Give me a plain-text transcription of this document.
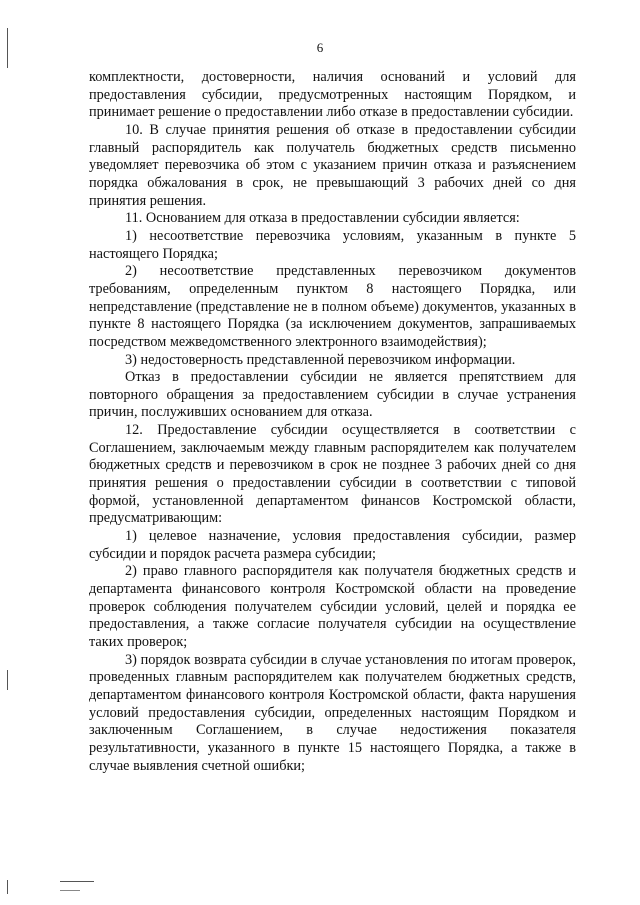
6

комплектности, достоверности, наличия оснований и условий для предоставления субсидии, предусмотренных настоящим Порядком, и принимает решение о предоставлении либо отказе в предоставлении субсидии.

10. В случае принятия решения об отказе в предоставлении субсидии главный распорядитель как получатель бюджетных средств письменно уведомляет перевозчика об этом с указанием причин отказа и разъяснением порядка обжалования в срок, не превышающий 3 рабочих дней со дня принятия решения.

11. Основанием для отказа в предоставлении субсидии является:

1) несоответствие перевозчика условиям, указанным в пункте 5 настоящего Порядка;

2) несоответствие представленных перевозчиком документов требованиям, определенным пунктом 8 настоящего Порядка, или непредставление (представление не в полном объеме) документов, указанных в пункте 8 настоящего Порядка (за исключением документов, запрашиваемых посредством межведомственного электронного взаимодействия);

3) недостоверность представленной перевозчиком информации.

Отказ в предоставлении субсидии не является препятствием для повторного обращения за предоставлением субсидии в случае устранения причин, послуживших основанием для отказа.

12. Предоставление субсидии осуществляется в соответствии с Соглашением, заключаемым между главным распорядителем как получателем бюджетных средств и перевозчиком в срок не позднее 3 рабочих дней со дня принятия решения о предоставлении субсидии в соответствии с типовой формой, установленной департаментом финансов Костромской области, предусматривающим:

1) целевое назначение, условия предоставления субсидии, размер субсидии и порядок расчета размера субсидии;

2) право главного распорядителя как получателя бюджетных средств и департамента финансового контроля Костромской области на проведение проверок соблюдения получателем субсидии условий, целей и порядка ее предоставления, а также согласие получателя субсидии на осуществление таких проверок;

3) порядок возврата субсидии в случае установления по итогам проверок, проведенных главным распорядителем как получателем бюджетных средств, департаментом финансового контроля Костромской области, факта нарушения условий предоставления субсидии, определенных настоящим Порядком и заключенным Соглашением, в случае недостижения показателя результативности, указанного в пункте 15 настоящего Порядка, а также в случае выявления счетной ошибки;
